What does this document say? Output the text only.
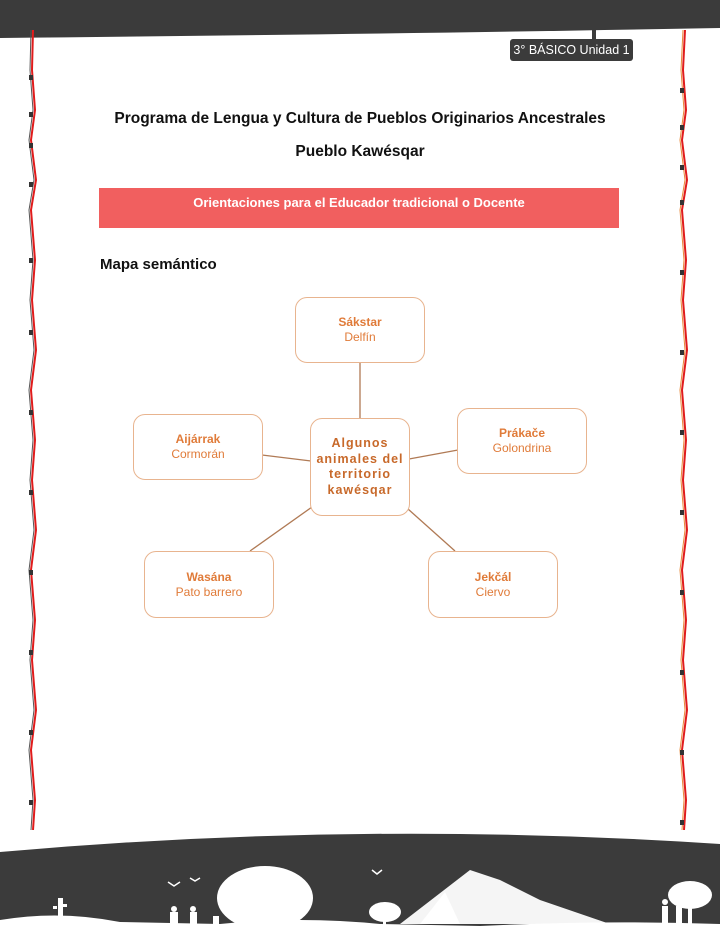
3° BÁSICO Unidad 1
Programa de Lengua y Cultura de Pueblos Originarios Ancestrales
Pueblo Kawésqar
Orientaciones para el Educador tradicional o Docente
Mapa semántico
Sákstar
Delfín
Aijárrak
Cormorán
Prákače
Golondrina
Algunos
animales del
territorio
kawésqar
Wasána
Pato barrero
Jekčál
Ciervo
